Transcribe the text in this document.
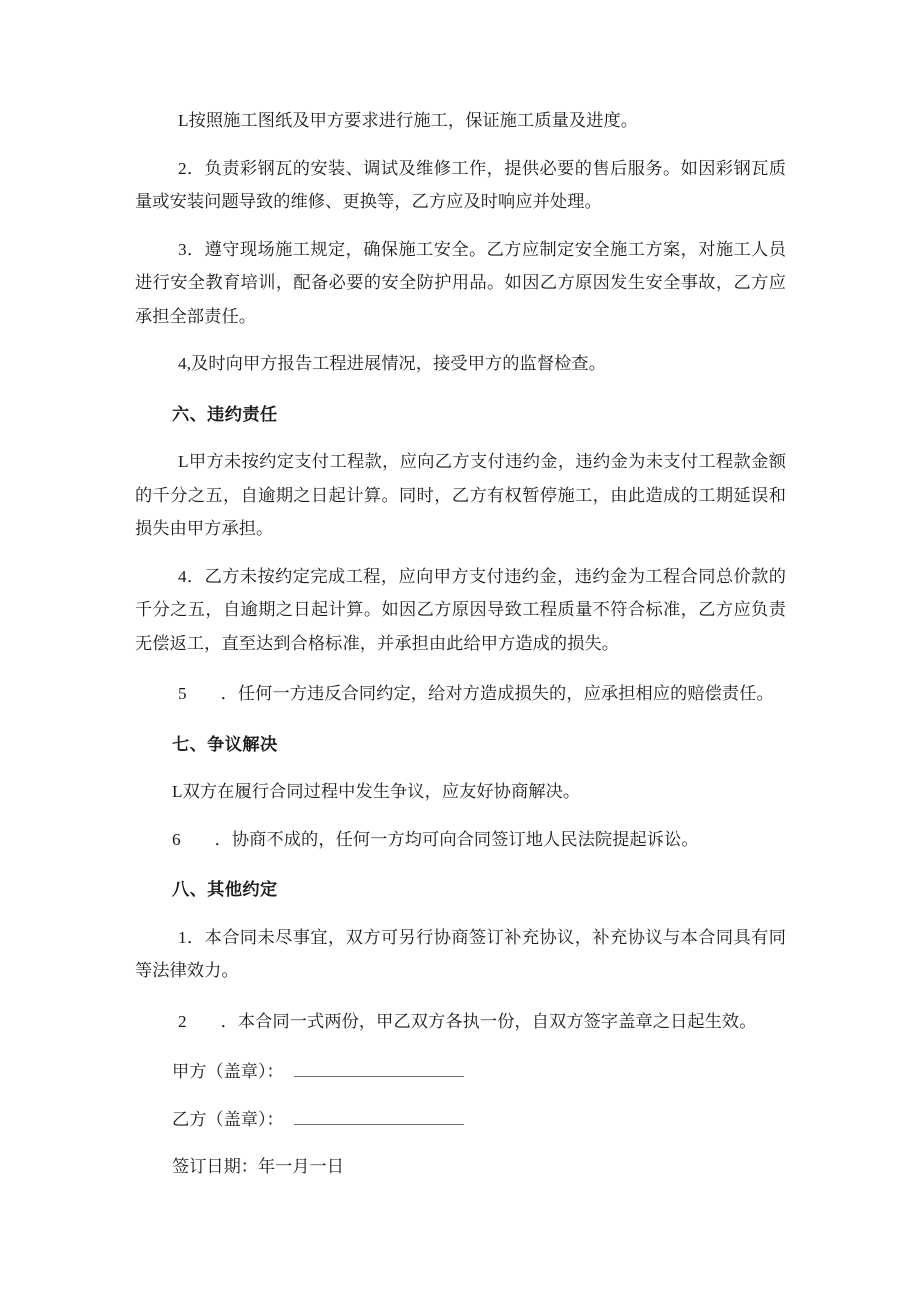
L按照施工图纸及甲方要求进行施工，保证施工质量及进度。

2．负责彩钢瓦的安装、调试及维修工作，提供必要的售后服务。如因彩钢瓦质量或安装问题导致的维修、更换等，乙方应及时响应并处理。

3．遵守现场施工规定，确保施工安全。乙方应制定安全施工方案，对施工人员进行安全教育培训，配备必要的安全防护用品。如因乙方原因发生安全事故，乙方应承担全部责任。

4,及时向甲方报告工程进展情况，接受甲方的监督检查。

六、违约责任

L甲方未按约定支付工程款，应向乙方支付违约金，违约金为未支付工程款金额的千分之五，自逾期之日起计算。同时，乙方有权暂停施工，由此造成的工期延误和损失由甲方承担。

4．乙方未按约定完成工程，应向甲方支付违约金，违约金为工程合同总价款的千分之五，自逾期之日起计算。如因乙方原因导致工程质量不符合标准，乙方应负责无偿返工，直至达到合格标准，并承担由此给甲方造成的损失。

5 ．任何一方违反合同约定，给对方造成损失的，应承担相应的赔偿责任。

七、争议解决

L双方在履行合同过程中发生争议，应友好协商解决。

6 ．协商不成的，任何一方均可向合同签订地人民法院提起诉讼。

八、其他约定

1．本合同未尽事宜，双方可另行协商签订补充协议，补充协议与本合同具有同等法律效力。

2 ．本合同一式两份，甲乙双方各执一份，自双方签字盖章之日起生效。

甲方（盖章）：

乙方（盖章）：

签订日期：年一月一日
